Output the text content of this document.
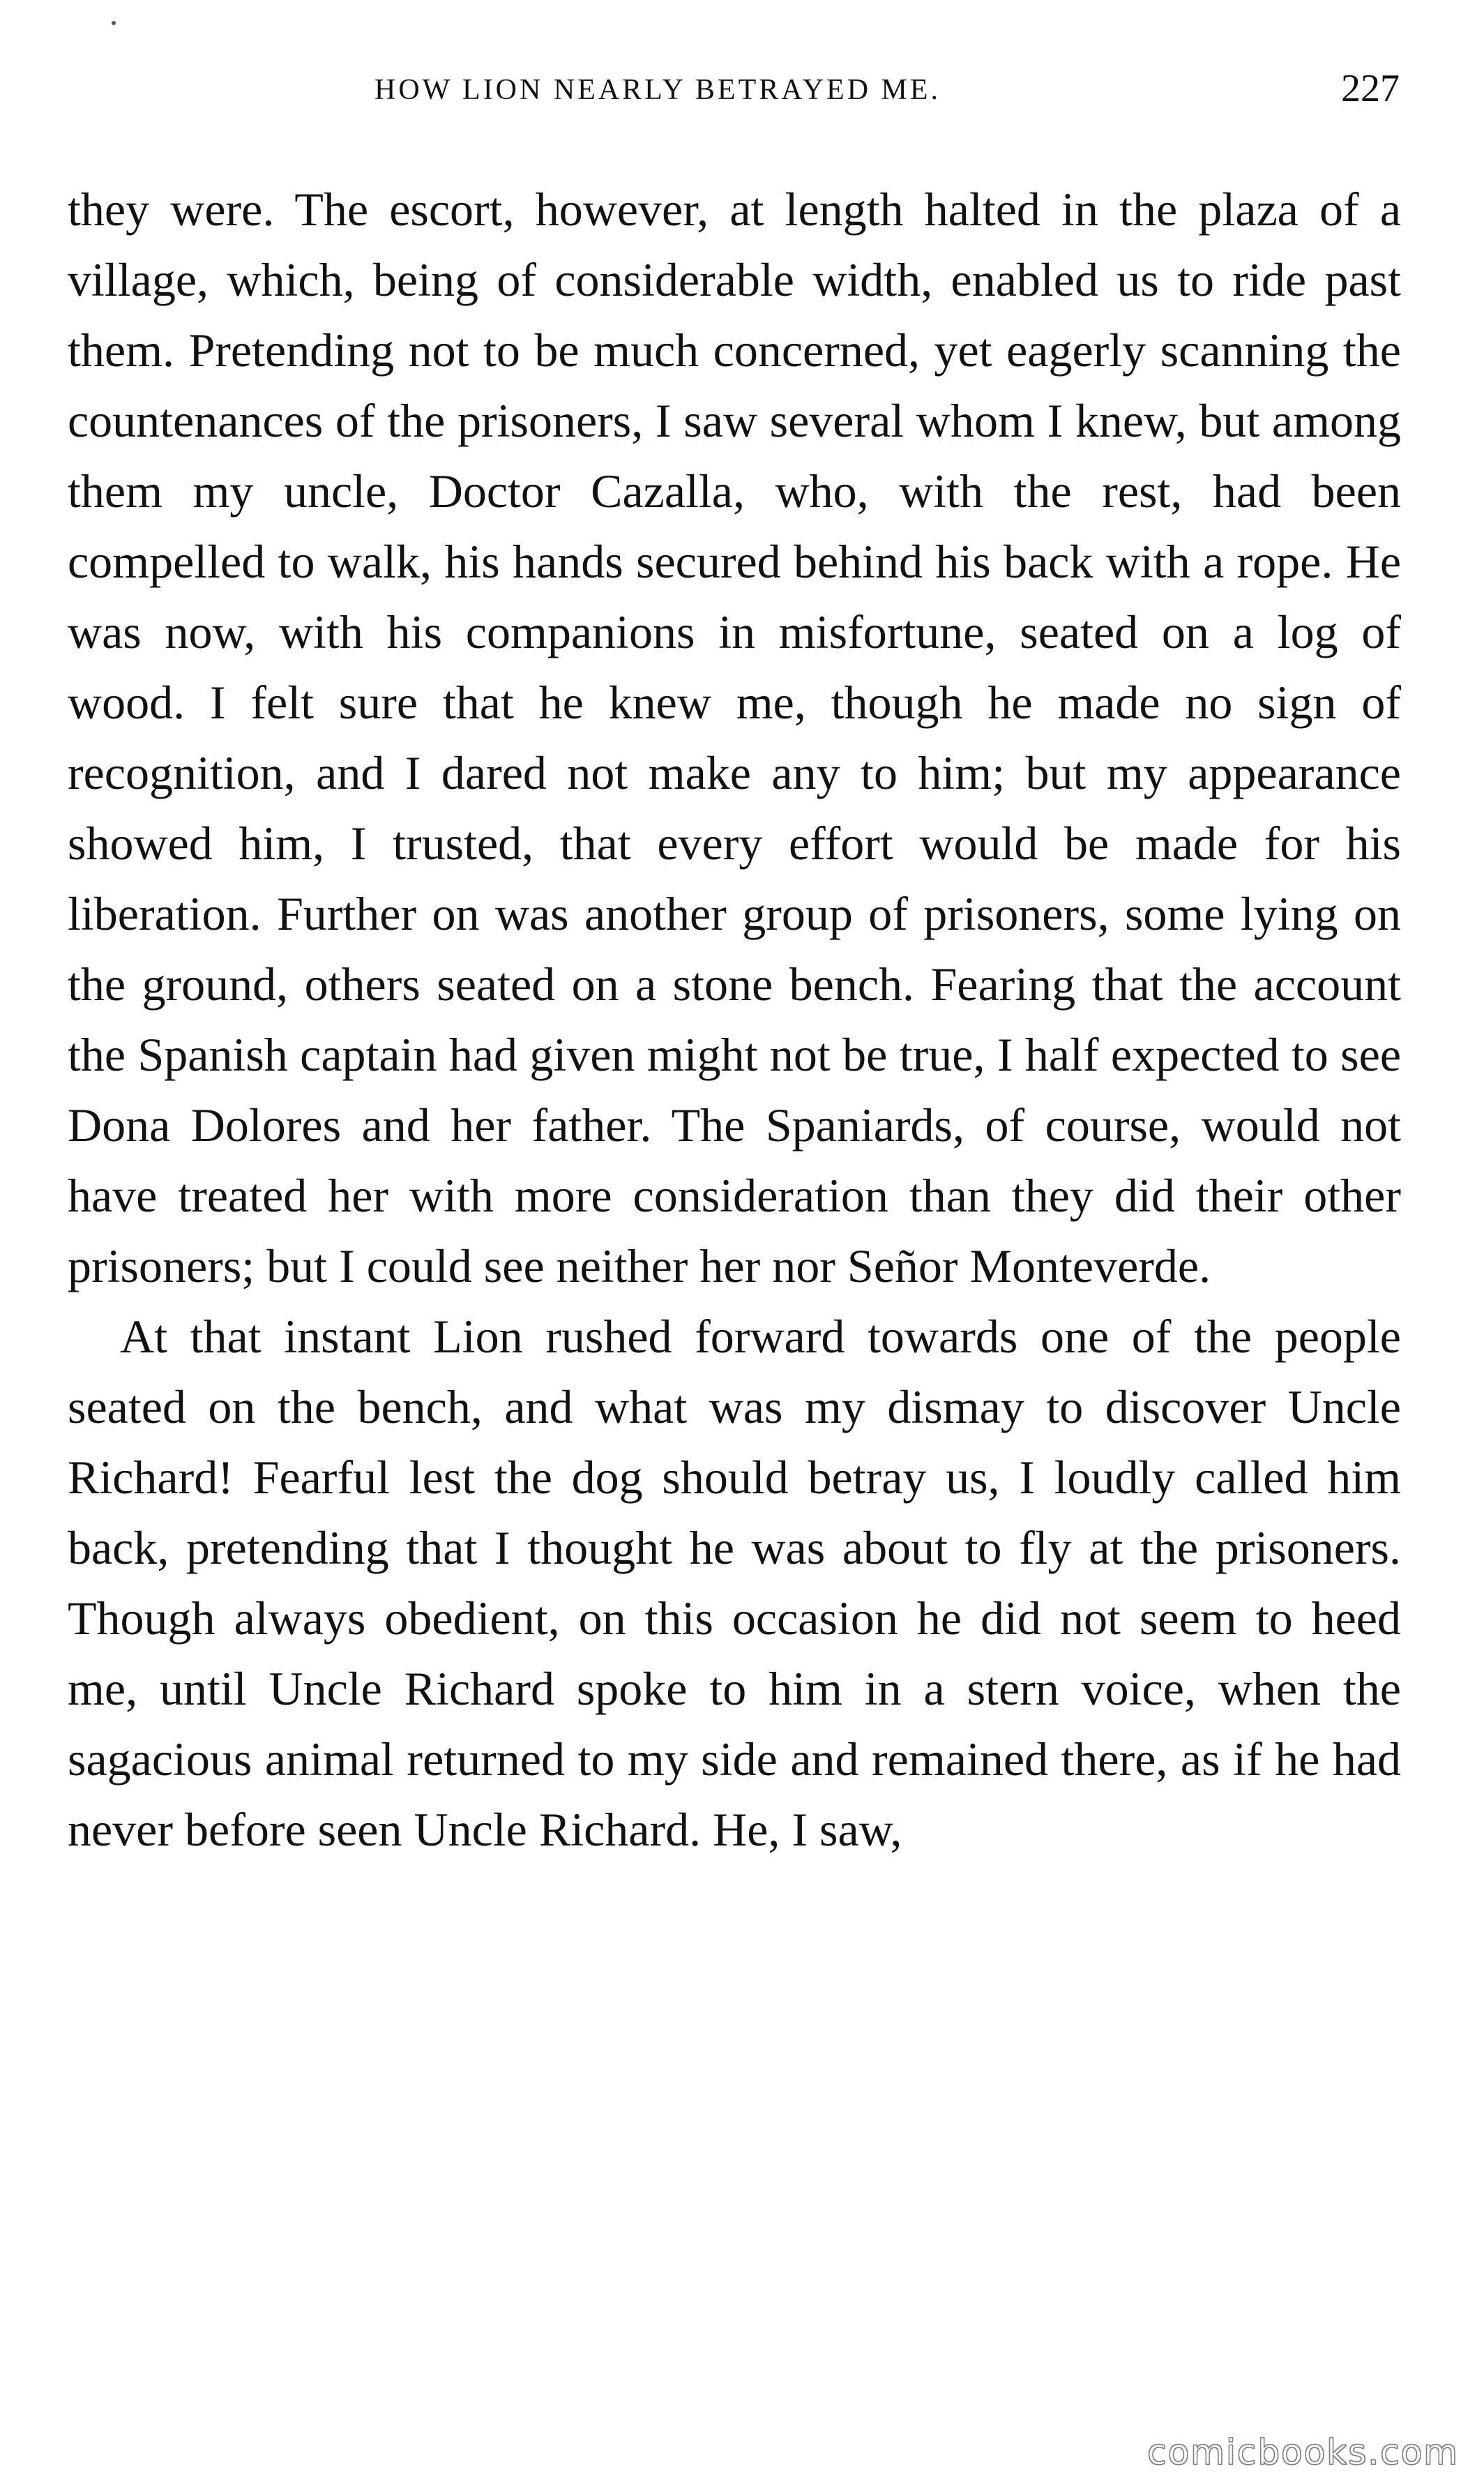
HOW LION NEARLY BETRAYED ME.	227

they were. The escort, however, at length halted in the plaza of a village, which, being of considerable width, enabled us to ride past them. Pretending not to be much concerned, yet eagerly scanning the countenances of the prisoners, I saw several whom I knew, but among them my uncle, Doctor Cazalla, who, with the rest, had been compelled to walk, his hands secured behind his back with a rope. He was now, with his companions in misfortune, seated on a log of wood. I felt sure that he knew me, though he made no sign of recognition, and I dared not make any to him; but my appearance showed him, I trusted, that every effort would be made for his liberation. Further on was another group of prisoners, some lying on the ground, others seated on a stone bench. Fearing that the account the Spanish captain had given might not be true, I half expected to see Dona Dolores and her father. The Spaniards, of course, would not have treated her with more consideration than they did their other prisoners; but I could see neither her nor Señor Monteverde.

At that instant Lion rushed forward towards one of the people seated on the bench, and what was my dismay to discover Uncle Richard! Fearful lest the dog should betray us, I loudly called him back, pretending that I thought he was about to fly at the prisoners. Though always obedient, on this occasion he did not seem to heed me, until Uncle Richard spoke to him in a stern voice, when the sagacious animal returned to my side and remained there, as if he had never before seen Uncle Richard. He, I saw,

comicbooks.com
